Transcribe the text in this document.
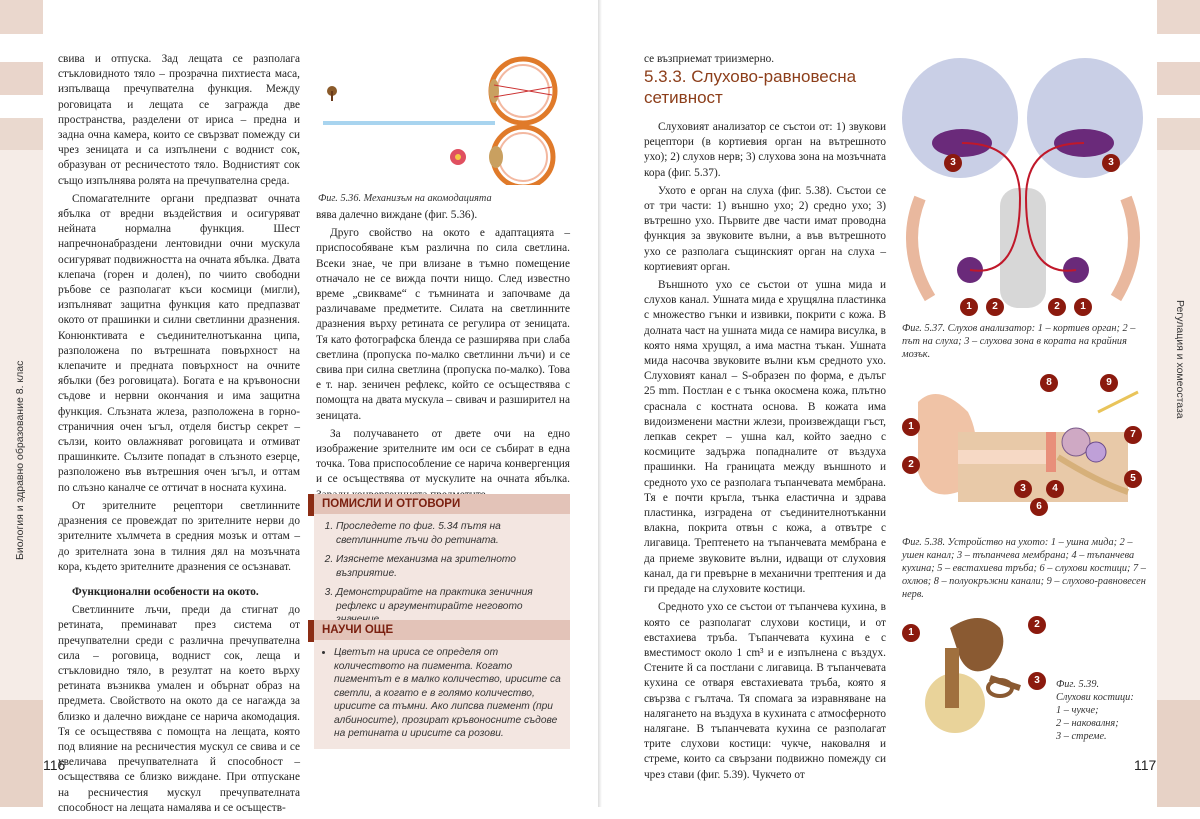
Биология и здравно образование 8. клас
Регулация и хомеостаза
116	117

свива и отпуска. Зад лещата се разполага стъкловидното тяло – прозрачна пихтиеста маса, изпълваща пречупвателна функция. Между роговицата и лещата се загражда две пространства, разделени от ириса – предна и задна очна камера, които се свързват помежду си чрез зеницата и са изпълнени с воднист сок, образуван от ресничестото тяло. Воднистият сок също изпълнява ролята на пречупвателна среда.

Спомагателните органи предпазват очната ябълка от вредни въздействия и осигуряват нейната нормална функция. Шест напречнонабраздени лентовидни очни мускула осигуряват подвижността на очната ябълка. Двата клепача (горен и долен), по чиито свободни ръбове се разполагат къси космици (мигли), изпълняват защитна функция като предпазват окото от прашинки и силни светлинни дразнения. Конюнктивата е съединителнотъканна ципа, разположена по вътрешната повърхност на клепачите и предната повърхност на очните ябълки (без роговицата). Богата е на кръвоносни съдове и нервни окончания и има защитна функция. Слъзната жлеза, разположена в горно-страничния очен ъгъл, отделя бистър секрет – сълзи, които овлажняват роговицата и отмиват прашинките. Сълзите попадат в слъзното езерце, разположено във вътрешния очен ъгъл, и оттам по слъзно каналче се оттичат в носната кухина.

От зрителните рецептори светлинните дразнения се провеждат по зрителните нерви до зрителните хълмчета в средния мозък и оттам – до зрителната зона в тилния дял на мозъчната кора, където зрителните дразнения се осъзнават.

Функционални особености на окото.

Светлинните лъчи, преди да стигнат до ретината, преминават през система от пречупвателни среди с различна пречупвателна сила – роговица, воднист сок, леща и стъкловидно тяло, в резултат на което върху ретината възниква умален и обърнат образ на предмета. Свойството на окото да се нагажда за близко и далечно виждане се нарича акомодация. Тя се осъществява с помощта на лещата, която под влияние на ресничестия мускул се свива и се увеличава пречупвателната й способност – осъществява се близко виждане. При отпускане на ресничестия мускул пречупвателната способност на лещата намалява и се осъществ-

Фиг. 5.36. Механизъм на акомодацията

вява далечно виждане (фиг. 5.36).

Друго свойство на окото е адаптацията – приспособяване към различна по сила светлина. Всеки знае, че при влизане в тъмно помещение отначало не се вижда почти нищо. След известно време „свикваме“ с тъмнината и започваме да различаваме предметите. Силата на светлинните дразнения върху ретината се регулира от зеницата. Тя като фотографска бленда се разширява при слаба светлина (пропуска по-малко светлинни лъчи) и се свива при силна светлина (пропуска по-малко). Това е т. нар. зеничен рефлекс, който се осъществява с помощта на двата мускула – свивач и разширител на зеницата.

За получаването от двете очи на едно изображение зрителните им оси се събират в една точка. Това приспособление се нарича конвергенция и се осъществява от мускулите на очната ябълка.

ПОМИСЛИ И ОТГОВОРИ
1. Проследете по фиг. 5.34 пътя на светлинните лъчи до ретината.
2. Изяснете механизма на зрителното възприятие.
3. Демонстрирайте на практика зеничния рефлекс и аргументирайте неговото
НАУЧИ ОЩЕ
• Цветът на ириса се определя от количеството на пигмента. Когато пигментът е в малко количество, ирисите са светли, а когато е в голямо количество, ирисите са тъмни. Ако липсва пигмент (при албиносите), прозират кръвоносните съдове на ретината и ирисите са розови.

се възприемат триизмерно.

5.3.3. Слухово-равновесна сетивност

Слуховият анализатор се състои от: 1) звукови рецептори (в кортиевия орган на вътрешното ухо); 2) слухов нерв; 3) слухова зона на мозъчната кора (фиг. 5.37).

Ухото е орган на слуха (фиг. 5.38). Състои се от три части: 1) външно ухо; 2) средно ухо; 3) вътрешно ухо. Първите две части имат проводна функция за звуковите вълни, а във вътрешното ухо се разполага същинският орган на слуха – кортиевият орган.

Външното ухо се състои от ушна мида и слухов канал. Ушната мида е хрущялна пластинка с множество гънки и извивки, покрити с кожа. В долната част на ушната мида се намира висулка, в която няма хрущял, а има мастна тъкан. Ушната мида насочва звуковите вълни към средното ухо. Слуховият канал – S-образен по форма, е дълъг 25 mm. Постлан е с тънка окосмена кожа, плътно сраснала с костната основа. В кожата има видоизменени мастни жлези, произвеждащи гъст, лепкав секрет – ушна кал, който заедно с космиците задържа попадналите от въздуха прашинки. На границата между външното и средното ухо се разполага тъпанчевата мембрана. Тя е почти кръгла, тънка еластична и здрава пластинка, изградена от съединителнотъканни влакна, покрита отвън с кожа, а отвътре с лигавица. Трептенето на тъпанчевата мембрана е да приеме звуковите вълни, идващи от слуховия канал, да ги превърне в механични трептения и да ги предаде на слуховите костици.

Средното ухо се състои от тъпанчева кухина, в която се разполагат слухови костици, и от евстахиева тръба. Тъпанчевата кухина е с вместимост около 1 cm³ и е изпълнена с въздух. Стените й са постлани с лигавица. В тъпанчевата кухина се отваря евстахиевата тръба, която я свързва с гълтача. Тя спомага за изравняване на налягането на въздуха в кухината с атмосферното налягане. В тъпанчевата кухина се разполагат трите слухови костици: чукче, наковалня и стреме, които са свързани подвижно помежду си чрез стави (фиг. 5.39). Чукчето от

3	3
1	2	2	1
Фиг. 5.37. Слухов анализатор: 1 – кортиев орган; 2 – път на слуха; 3 – слухова зона в кората на крайния мозък.
8	9
1
7
2
5
3	4
6
Фиг. 5.38. Устройство на ухото: 1 – ушна мида; 2 – ушен канал; 3 – тъпанчева мембрана; 4 – тъпанчева кухина; 5 – евстахиева тръба; 6 – слухови костици; 7 – охлюв; 8 – полуокръжни канали; 9 – слухово-равновесен нерв.
1
2
3	Фиг. 5.39.
Слухови костици:
1 – чукче;
2 – наковалня;
3 – стреме.
